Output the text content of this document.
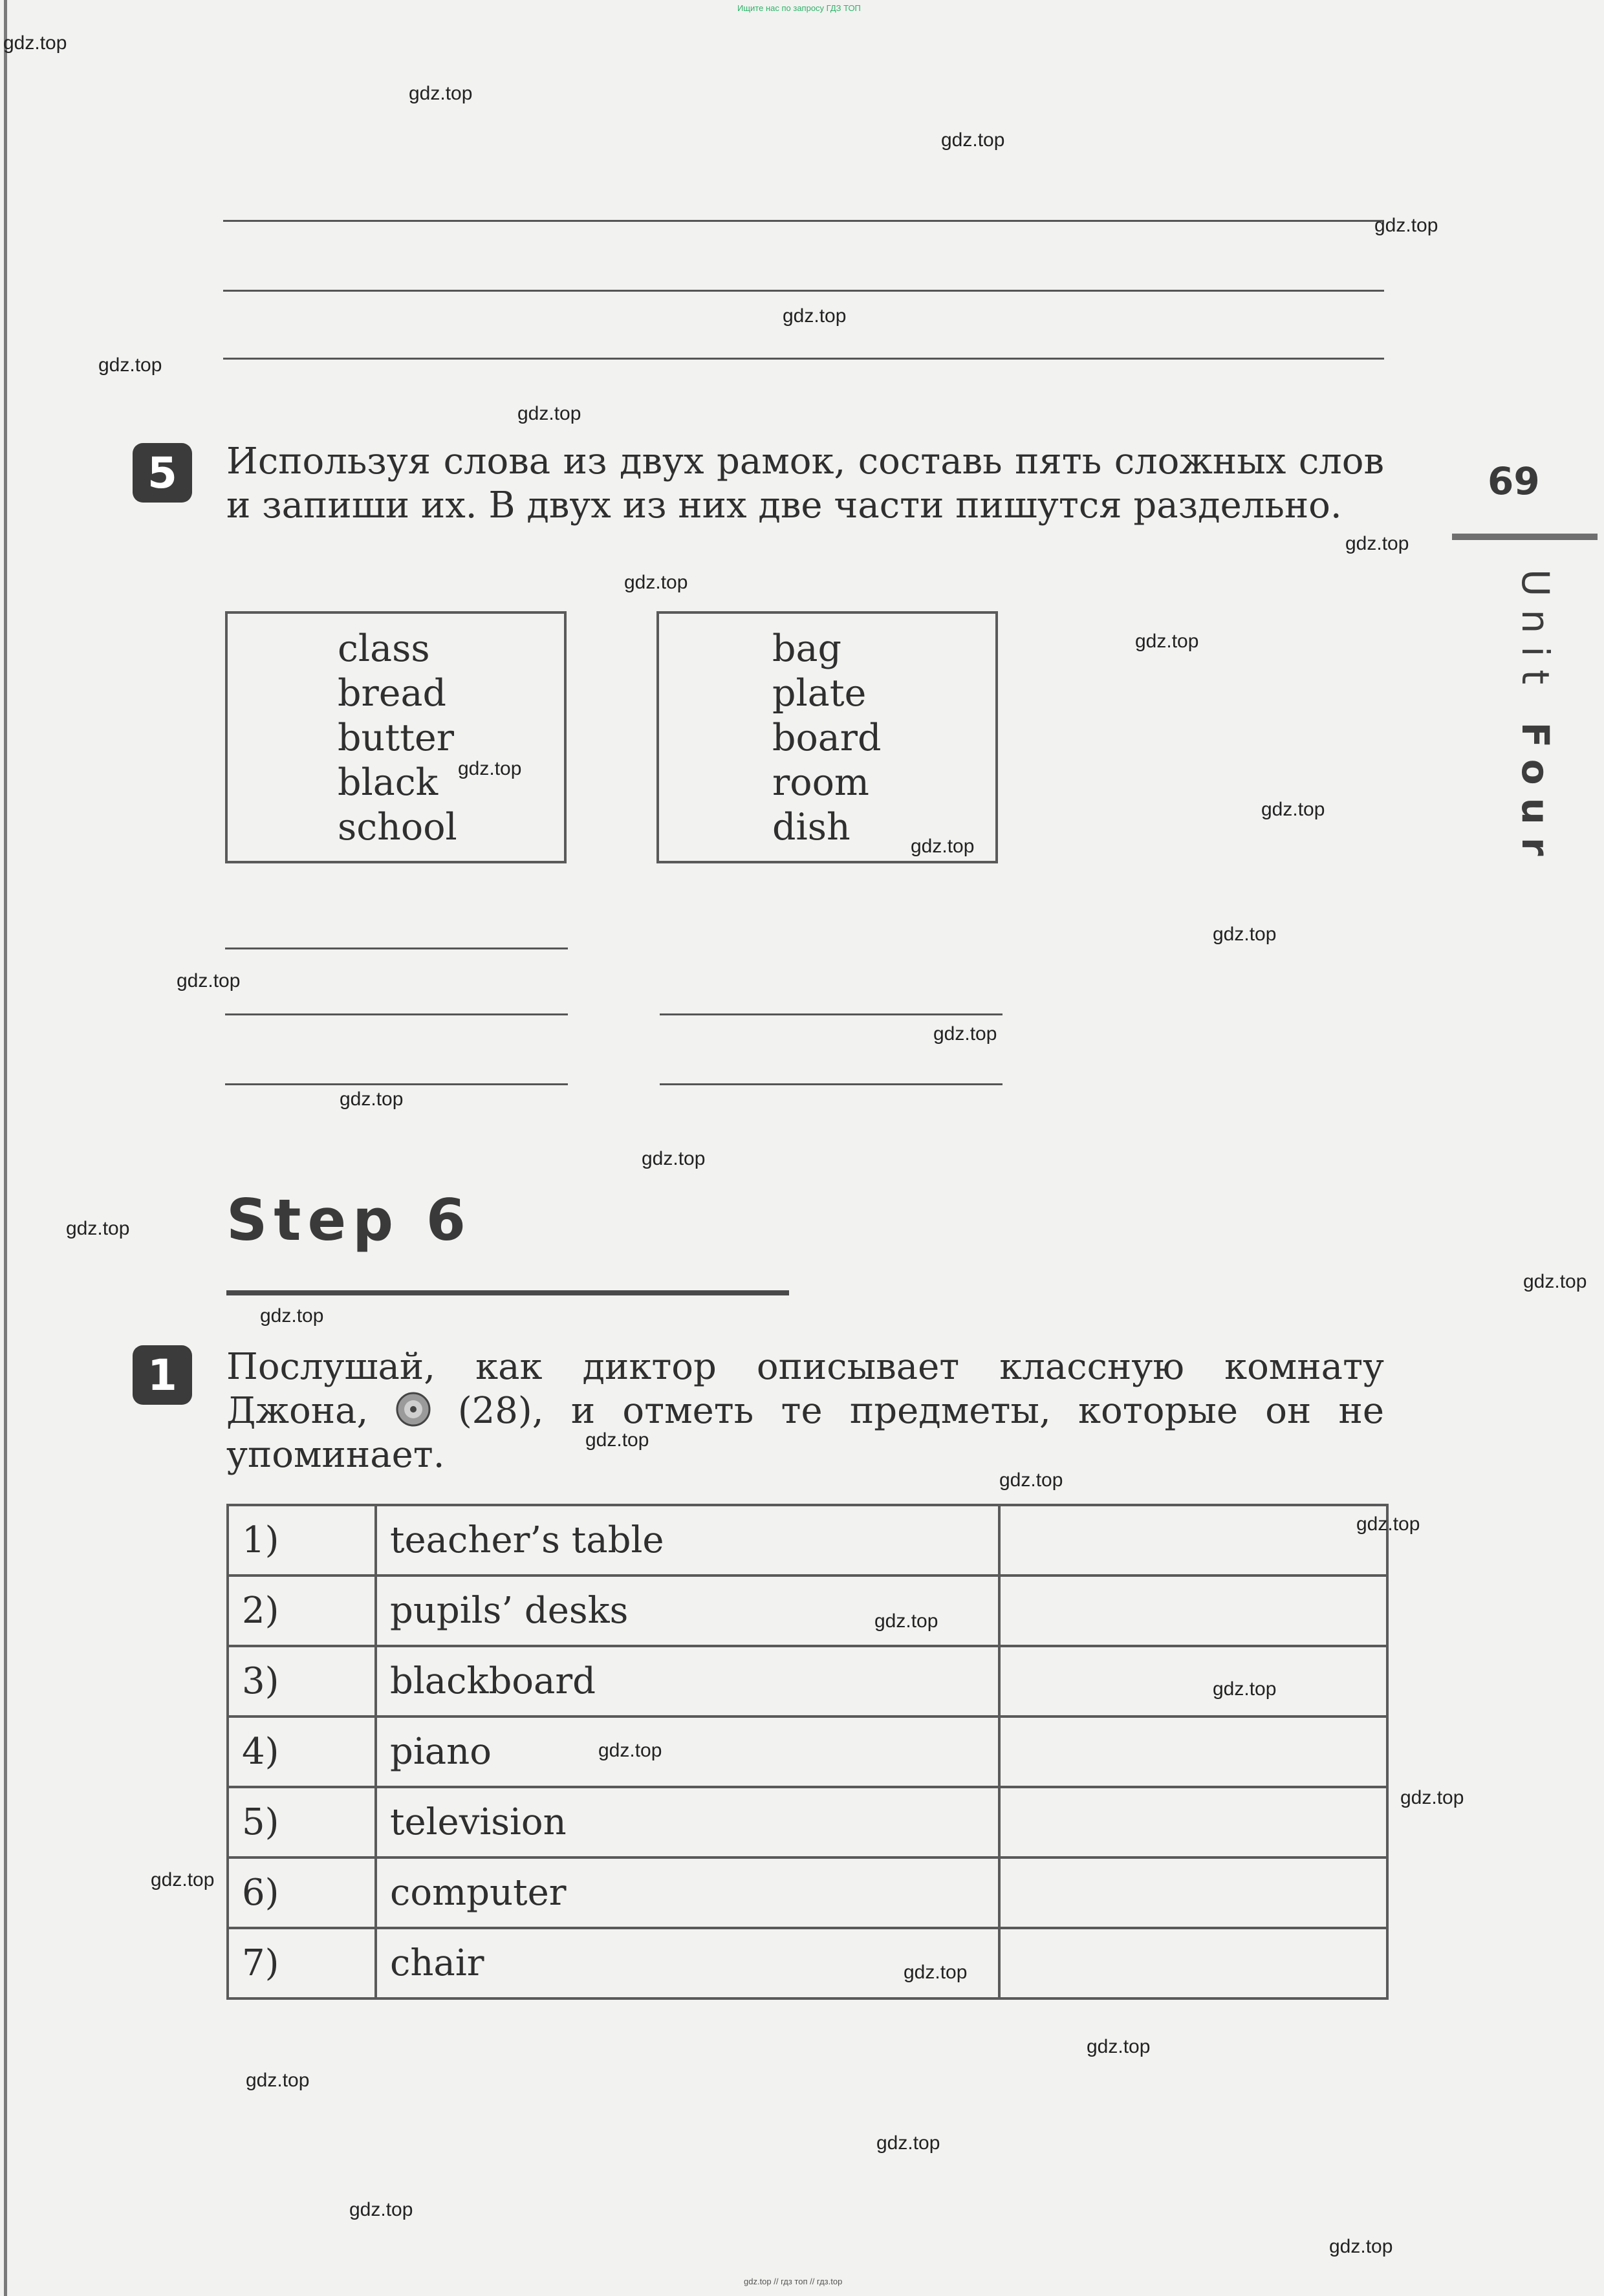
Ищите нас по запросу ГДЗ ТОП
gdz.top // гдз топ // гдз.top
69
Unit Four
5	Используя слова из двух рамок, составь пять сложных слов и запиши их. В двух из них две части пишутся раздельно.
class
bread
butter
black
school
bag
plate
board
room
dish
Step 6
1	Послушай, как диктор описывает классную комнату Джона, (28), и отметь те предметы, которые он не упоминает.
1)	teacher’s table	
2)	pupils’ desks	
3)	blackboard	
4)	piano	
5)	television	
6)	computer	
7)	chair	
gdz.top
gdz.top
gdz.top
gdz.top
gdz.top
gdz.top
gdz.top
gdz.top
gdz.top
gdz.top
gdz.top
gdz.top
gdz.top
gdz.top
gdz.top
gdz.top
gdz.top
gdz.top
gdz.top
gdz.top
gdz.top
gdz.top
gdz.top
gdz.top
gdz.top
gdz.top
gdz.top
gdz.top
gdz.top
gdz.top
gdz.top
gdz.top
gdz.top
gdz.top
gdz.top
